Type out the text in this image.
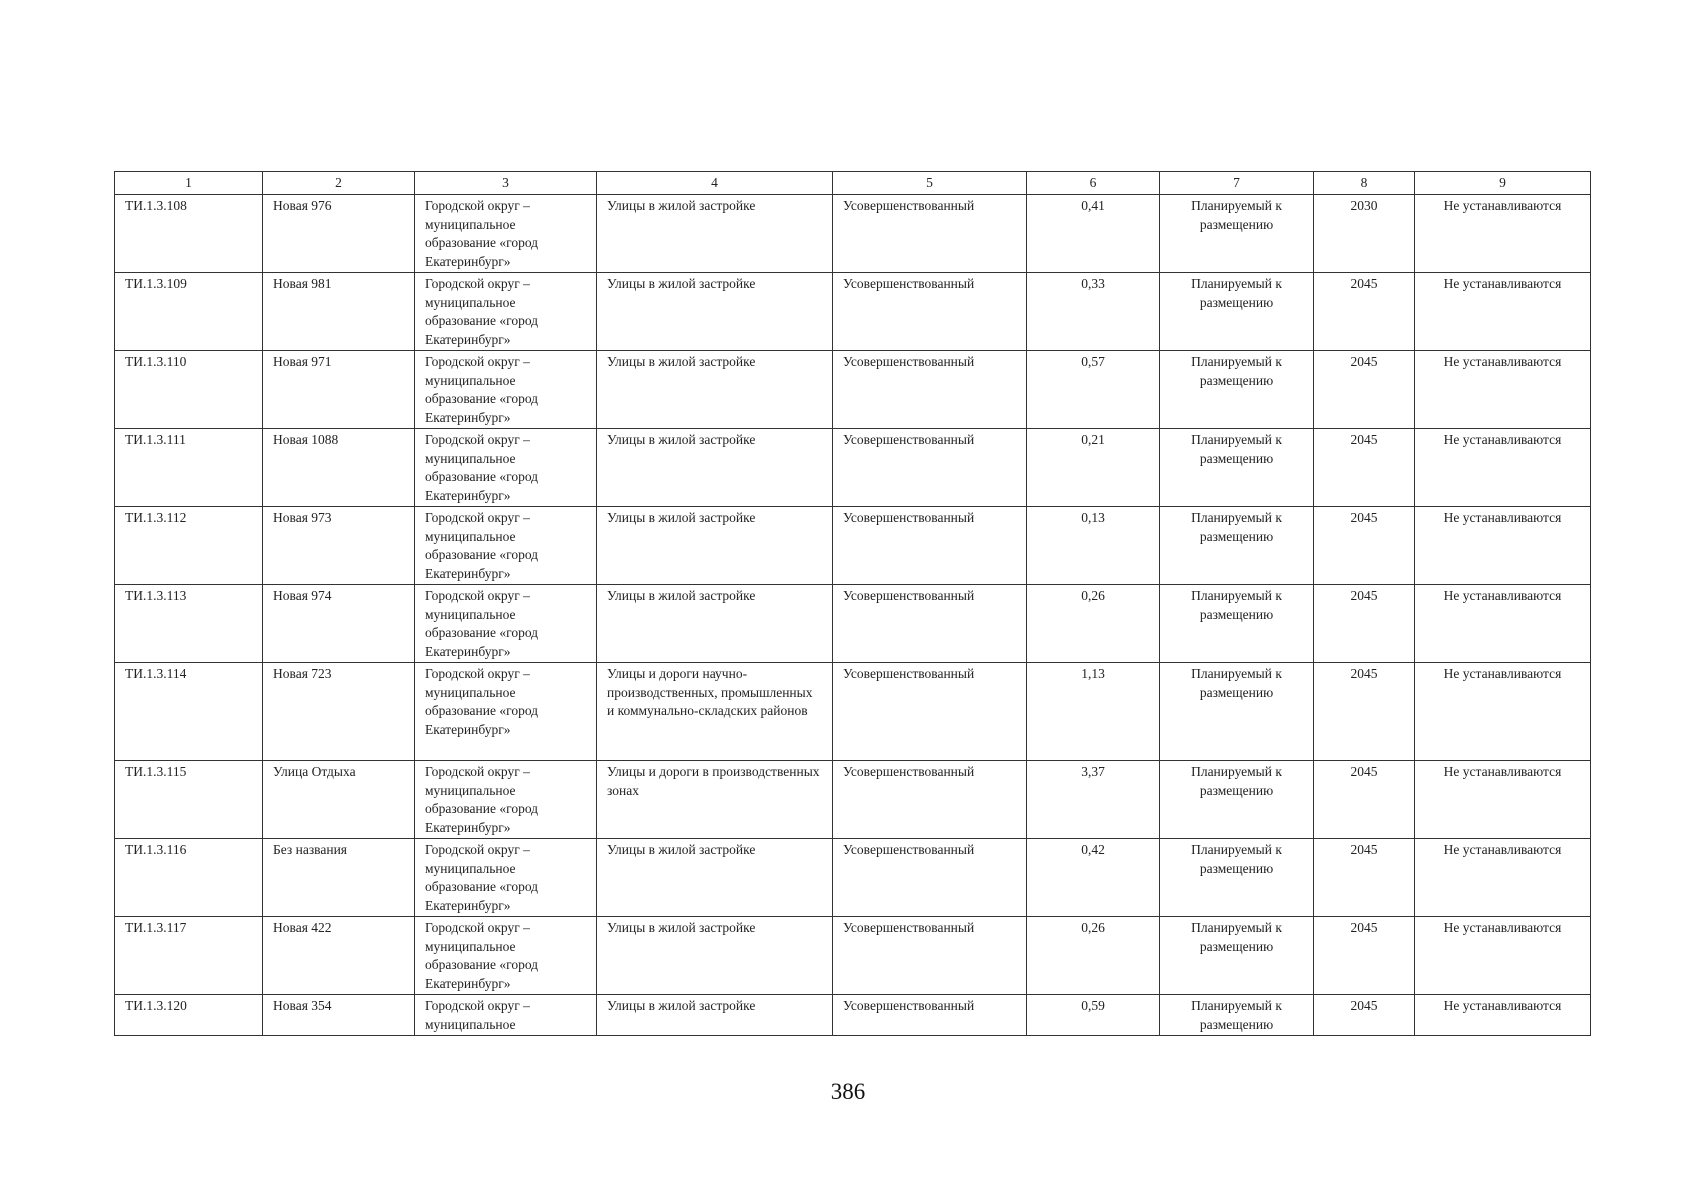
1	2	3	4	5	6	7	8	9
ТИ.1.3.108	Новая 976	Городской округ – муниципальное образование «город Екатеринбург»	Улицы в жилой застройке	Усовершенствованный	0,41	Планируемый к размещению	2030	Не устанавливаются
ТИ.1.3.109	Новая 981	Городской округ – муниципальное образование «город Екатеринбург»	Улицы в жилой застройке	Усовершенствованный	0,33	Планируемый к размещению	2045	Не устанавливаются
ТИ.1.3.110	Новая 971	Городской округ – муниципальное образование «город Екатеринбург»	Улицы в жилой застройке	Усовершенствованный	0,57	Планируемый к размещению	2045	Не устанавливаются
ТИ.1.3.111	Новая 1088	Городской округ – муниципальное образование «город Екатеринбург»	Улицы в жилой застройке	Усовершенствованный	0,21	Планируемый к размещению	2045	Не устанавливаются
ТИ.1.3.112	Новая 973	Городской округ – муниципальное образование «город Екатеринбург»	Улицы в жилой застройке	Усовершенствованный	0,13	Планируемый к размещению	2045	Не устанавливаются
ТИ.1.3.113	Новая 974	Городской округ – муниципальное образование «город Екатеринбург»	Улицы в жилой застройке	Усовершенствованный	0,26	Планируемый к размещению	2045	Не устанавливаются
ТИ.1.3.114	Новая 723	Городской округ – муниципальное образование «город Екатеринбург»	Улицы и дороги научно-производственных, промышленных и коммунально-складских районов	Усовершенствованный	1,13	Планируемый к размещению	2045	Не устанавливаются
ТИ.1.3.115	Улица Отдыха	Городской округ – муниципальное образование «город Екатеринбург»	Улицы и дороги в производственных зонах	Усовершенствованный	3,37	Планируемый к размещению	2045	Не устанавливаются
ТИ.1.3.116	Без названия	Городской округ – муниципальное образование «город Екатеринбург»	Улицы в жилой застройке	Усовершенствованный	0,42	Планируемый к размещению	2045	Не устанавливаются
ТИ.1.3.117	Новая 422	Городской округ – муниципальное образование «город Екатеринбург»	Улицы в жилой застройке	Усовершенствованный	0,26	Планируемый к размещению	2045	Не устанавливаются
ТИ.1.3.120	Новая 354	Городской округ – муниципальное	Улицы в жилой застройке	Усовершенствованный	0,59	Планируемый к размещению	2045	Не устанавливаются
386
